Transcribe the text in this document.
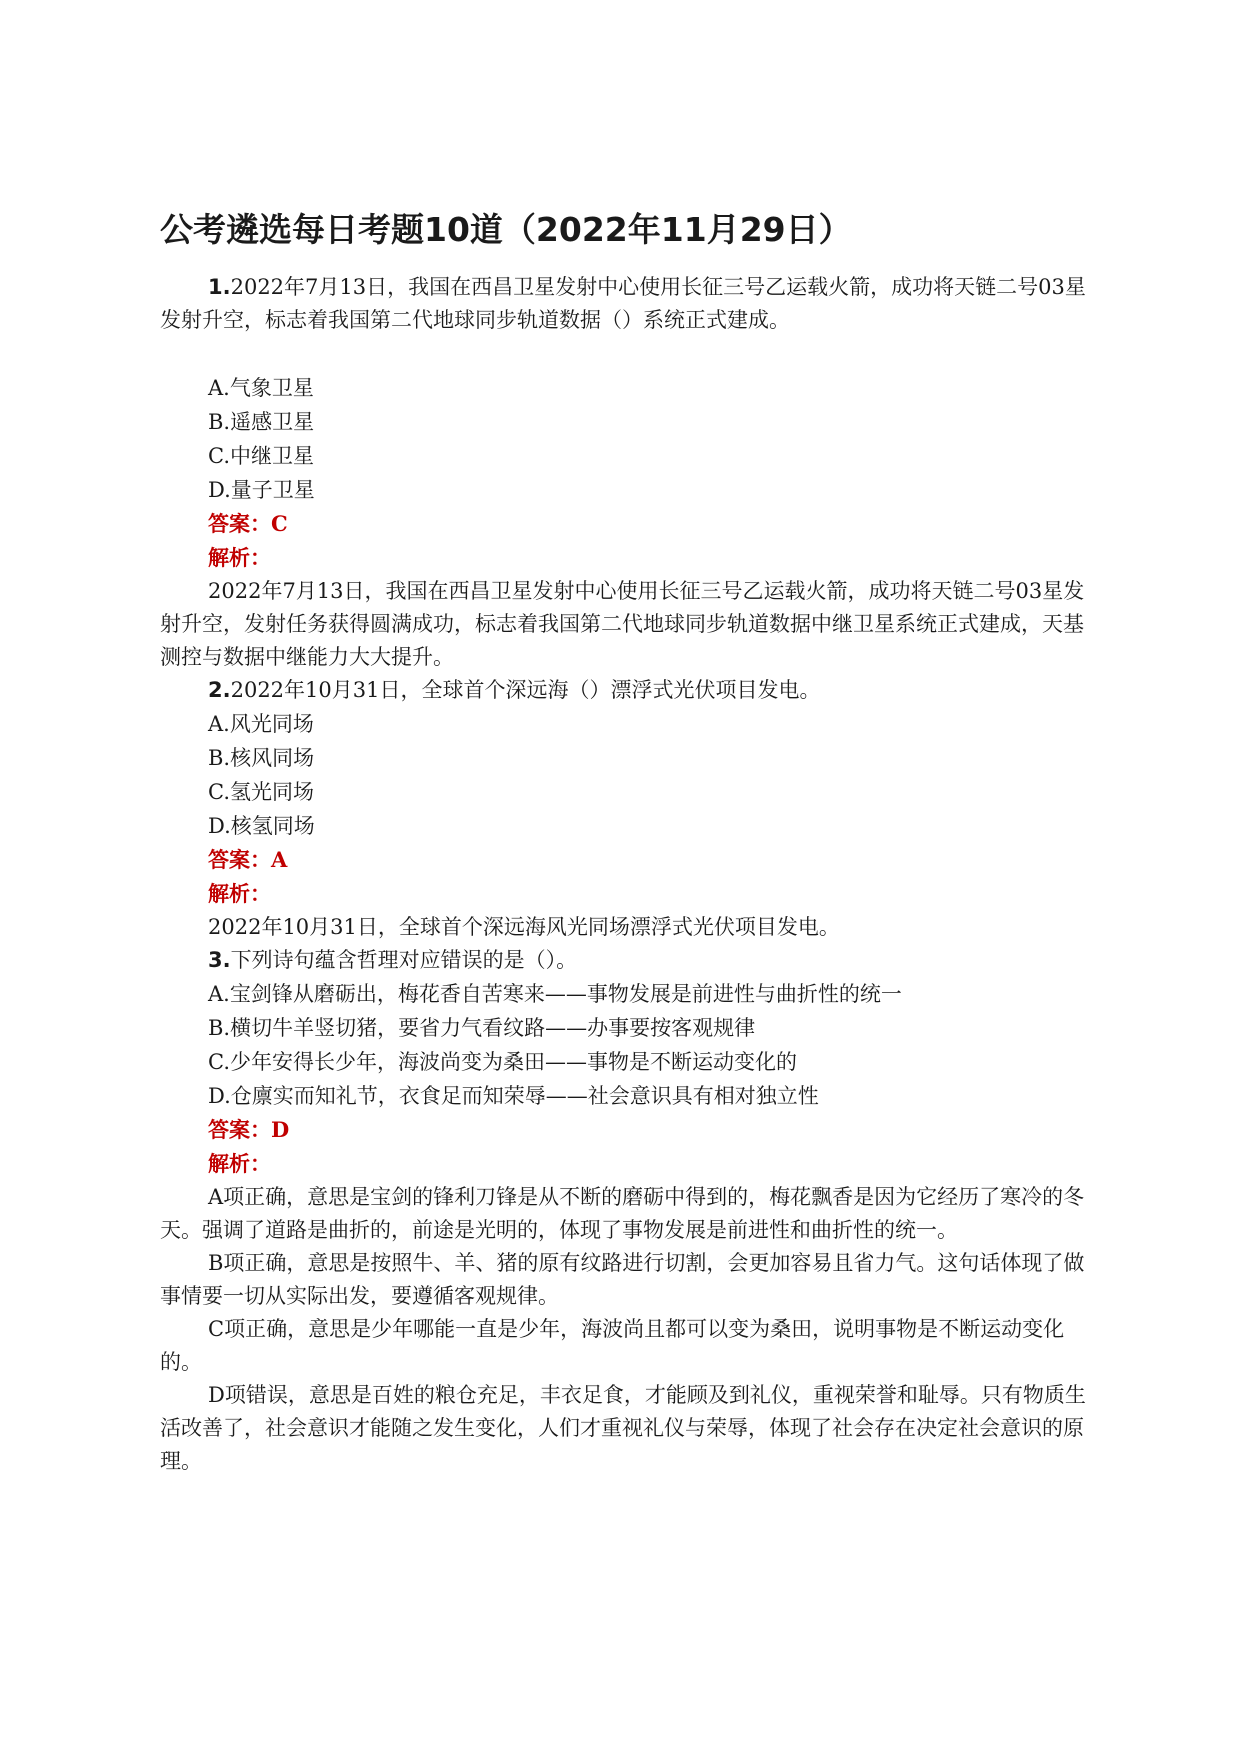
公考遴选每日考题10道（2022年11月29日）

1.2022年7月13日，我国在西昌卫星发射中心使用长征三号乙运载火箭，成功将天链二号03星发射升空，标志着我国第二代地球同步轨道数据（）系统正式建成。

A.气象卫星

B.遥感卫星

C.中继卫星

D.量子卫星

答案：C

解析：

2022年7月13日，我国在西昌卫星发射中心使用长征三号乙运载火箭，成功将天链二号03星发射升空，发射任务获得圆满成功，标志着我国第二代地球同步轨道数据中继卫星系统正式建成，天基测控与数据中继能力大大提升。

2.2022年10月31日，全球首个深远海（）漂浮式光伏项目发电。

A.风光同场

B.核风同场

C.氢光同场

D.核氢同场

答案：A

解析：

2022年10月31日，全球首个深远海风光同场漂浮式光伏项目发电。

3.下列诗句蕴含哲理对应错误的是（）。

A.宝剑锋从磨砺出，梅花香自苦寒来——事物发展是前进性与曲折性的统一

B.横切牛羊竖切猪，要省力气看纹路——办事要按客观规律

C.少年安得长少年，海波尚变为桑田——事物是不断运动变化的

D.仓廪实而知礼节，衣食足而知荣辱——社会意识具有相对独立性

答案：D

解析：

A项正确，意思是宝剑的锋利刀锋是从不断的磨砺中得到的，梅花飘香是因为它经历了寒冷的冬天。强调了道路是曲折的，前途是光明的，体现了事物发展是前进性和曲折性的统一。

B项正确，意思是按照牛、羊、猪的原有纹路进行切割，会更加容易且省力气。这句话体现了做事情要一切从实际出发，要遵循客观规律。

C项正确，意思是少年哪能一直是少年，海波尚且都可以变为桑田，说明事物是不断运动变化的。

D项错误，意思是百姓的粮仓充足，丰衣足食，才能顾及到礼仪，重视荣誉和耻辱。只有物质生活改善了，社会意识才能随之发生变化，人们才重视礼仪与荣辱，体现了社会存在决定社会意识的原理。
